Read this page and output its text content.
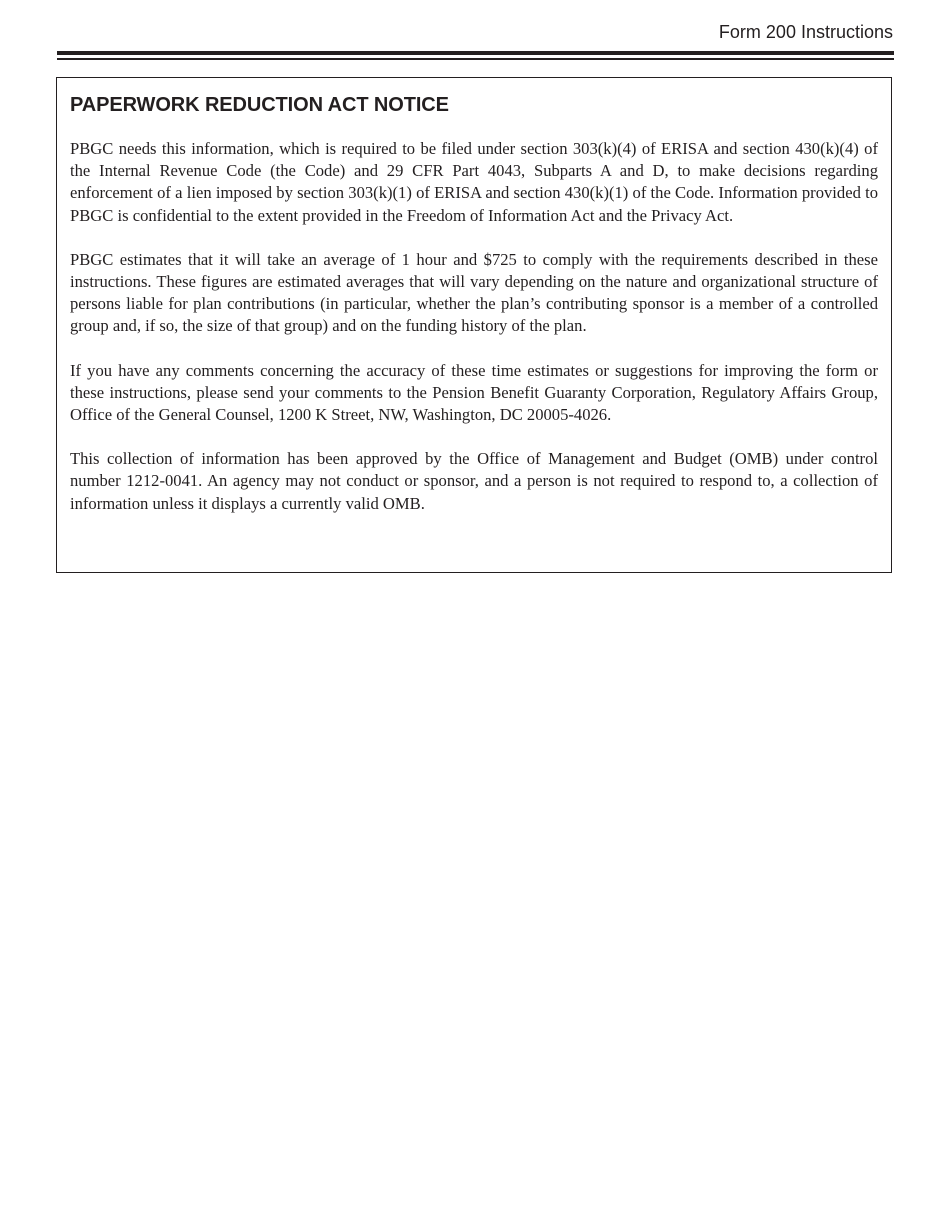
Form 200 Instructions
PAPERWORK REDUCTION ACT NOTICE

PBGC needs this information, which is required to be filed under section 303(k)(4) of ERISA and section 430(k)(4) of the Internal Revenue Code (the Code) and 29 CFR Part 4043, Subparts A and D, to make decisions regarding enforcement of a lien imposed by section 303(k)(1) of ERISA and section 430(k)(1) of the Code. Information provided to PBGC is confidential to the extent provided in the Freedom of Information Act and the Privacy Act.

PBGC estimates that it will take an average of 1 hour and $725 to comply with the requirements described in these instructions. These figures are estimated averages that will vary depending on the nature and organizational structure of persons liable for plan contributions (in particular, whether the plan’s contributing sponsor is a member of a controlled group and, if so, the size of that group) and on the funding history of the plan.

If you have any comments concerning the accuracy of these time estimates or suggestions for improving the form or these instructions, please send your comments to the Pension Benefit Guaranty Corporation, Regulatory Affairs Group, Office of the General Counsel, 1200 K Street, NW, Washington, DC 20005-4026.

This collection of information has been approved by the Office of Management and Budget (OMB) under control number 1212-0041. An agency may not conduct or sponsor, and a person is not required to respond to, a collection of information unless it displays a currently valid OMB.
